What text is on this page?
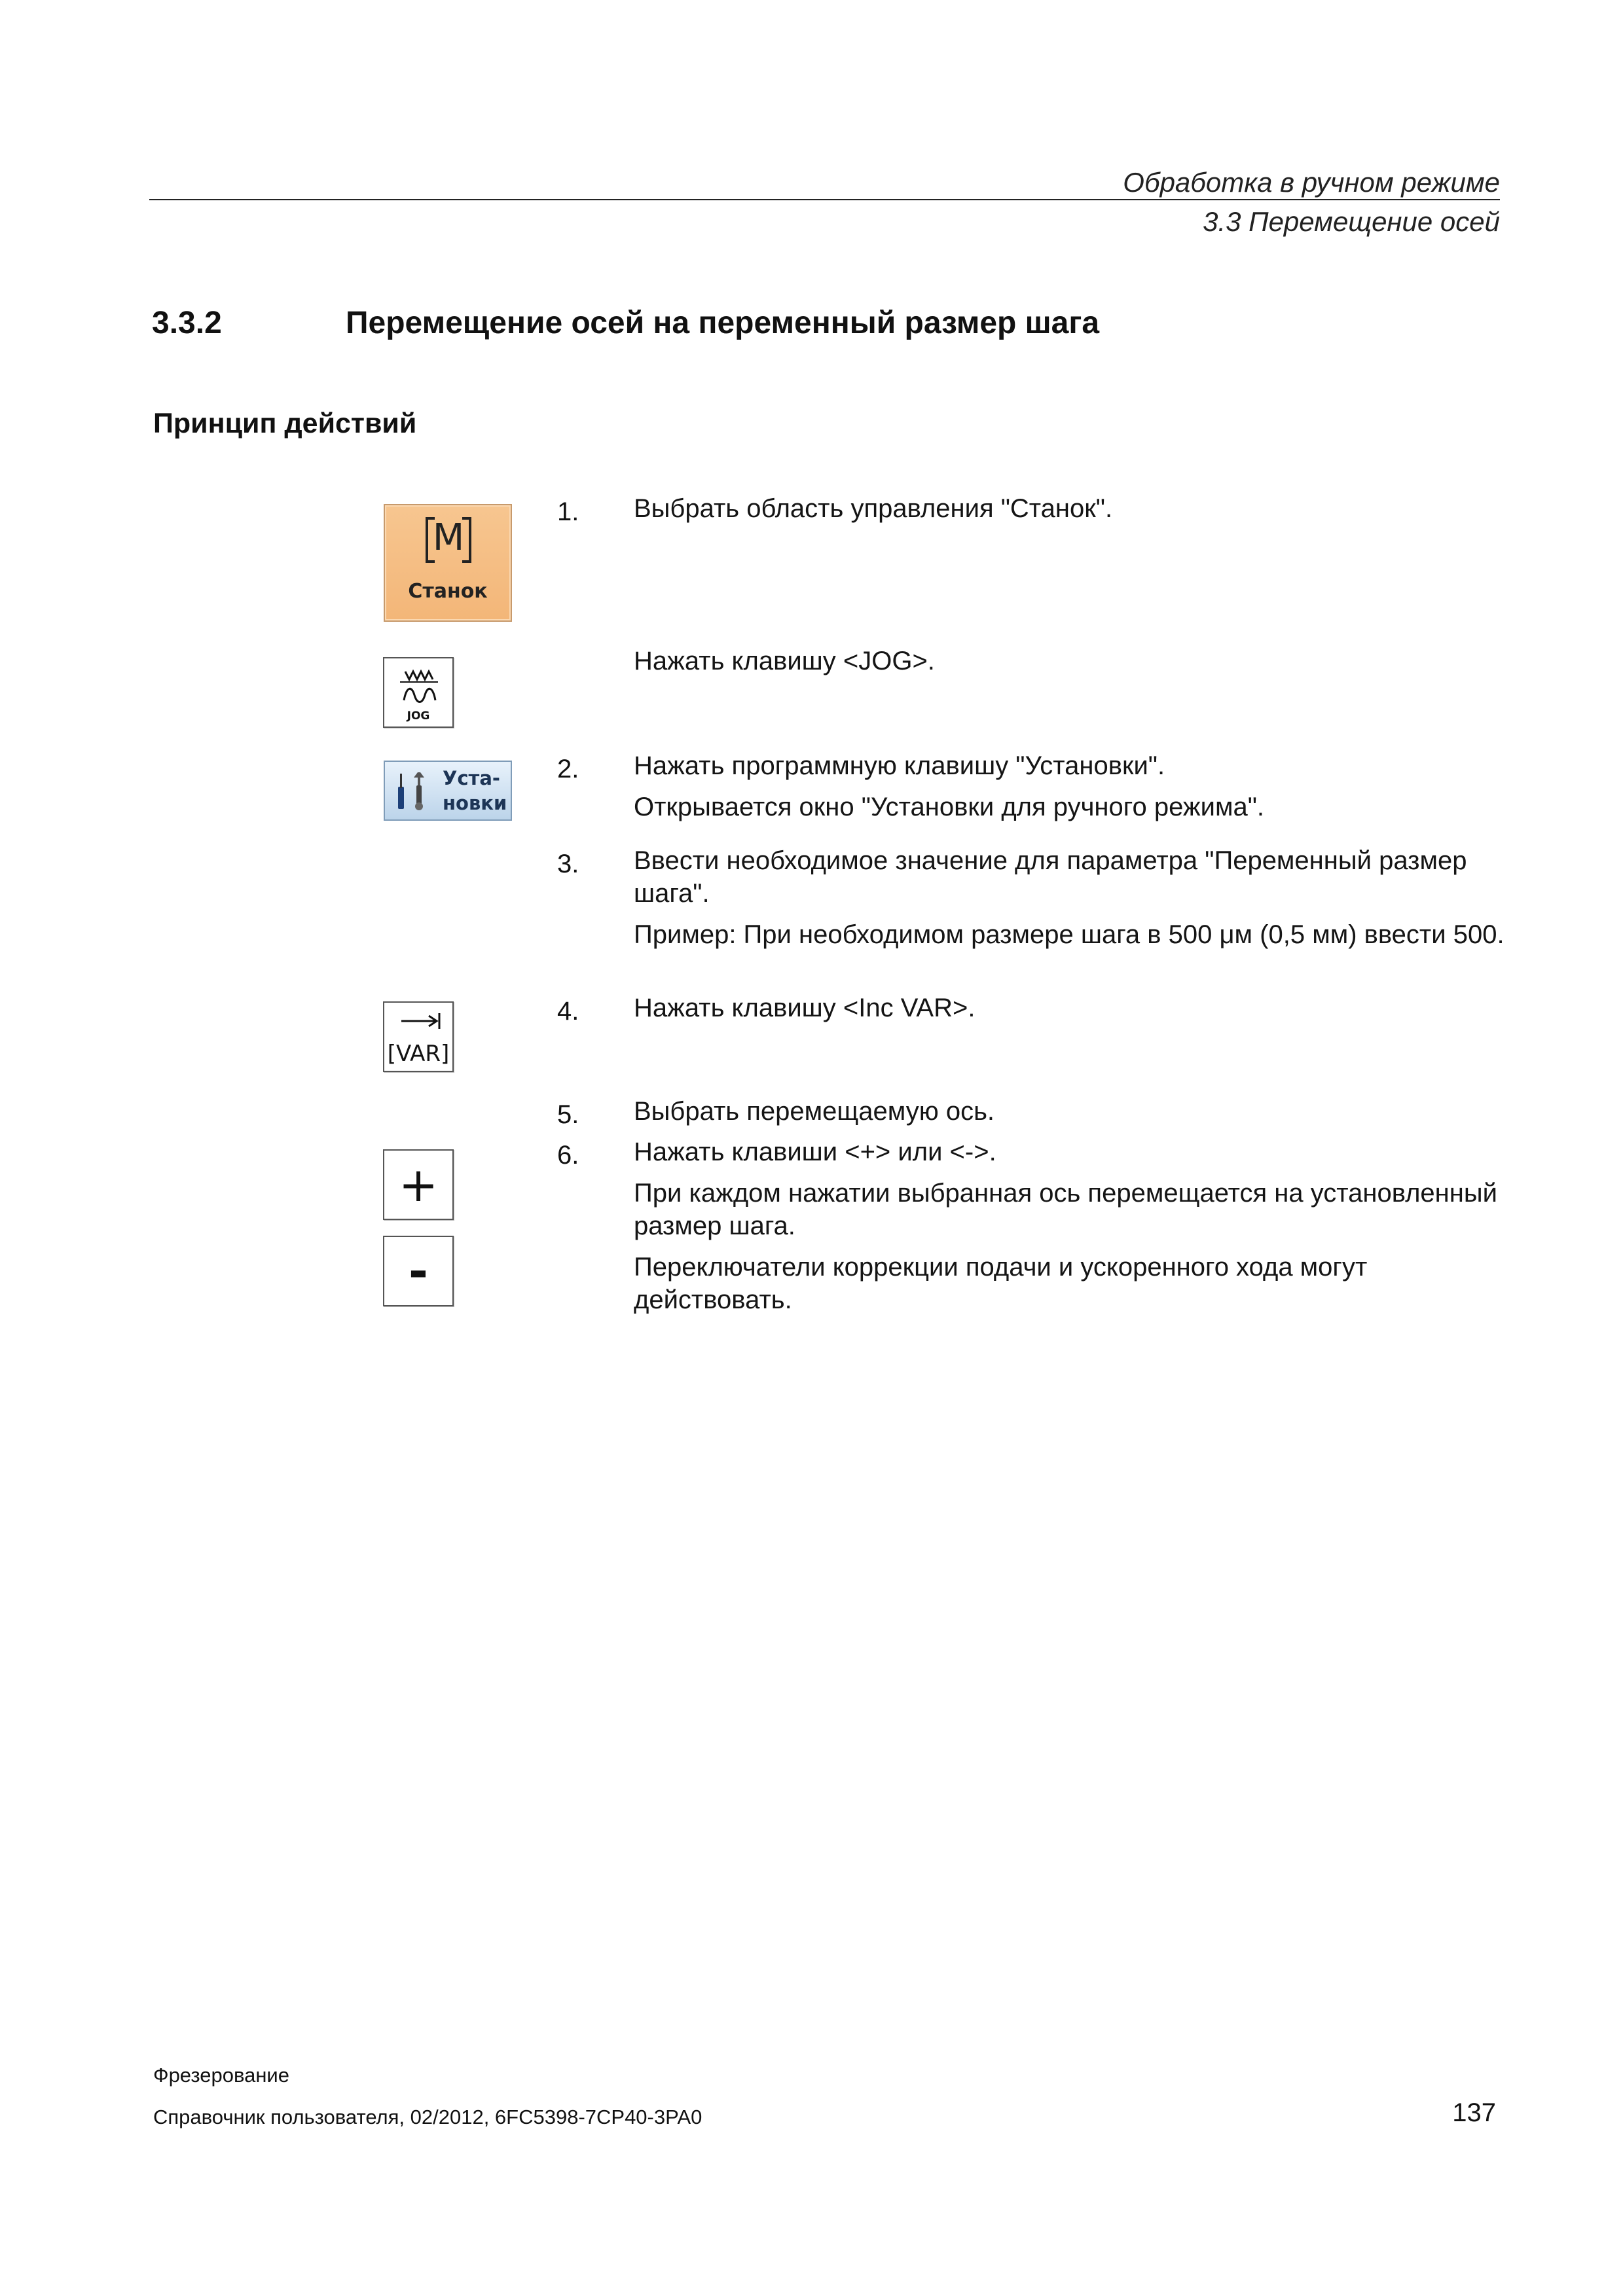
Обработка в ручном режиме
3.3 Перемещение осей
3.3.2	Перемещение осей на переменный размер шага
Принцип действий
M
Станок
JOG
Уста-
новки
[VAR]
+
-
1. Выбрать область управления "Станок".
Нажать клавишу <JOG>.
2. Нажать программную клавишу "Установки".
Открывается окно "Установки для ручного режима".
3. Ввести необходимое значение для параметра "Переменный размер шага".
Пример: При необходимом размере шага в 500 μм (0,5 мм) ввести 500.
4. Нажать клавишу <Inc VAR>.
5. Выбрать перемещаемую ось.
6. Нажать клавиши <+> или <->.
При каждом нажатии выбранная ось перемещается на установленный размер шага.
Переключатели коррекции подачи и ускоренного хода могут действовать.
Фрезерование
Справочник пользователя, 02/2012, 6FC5398-7CP40-3PA0	137
